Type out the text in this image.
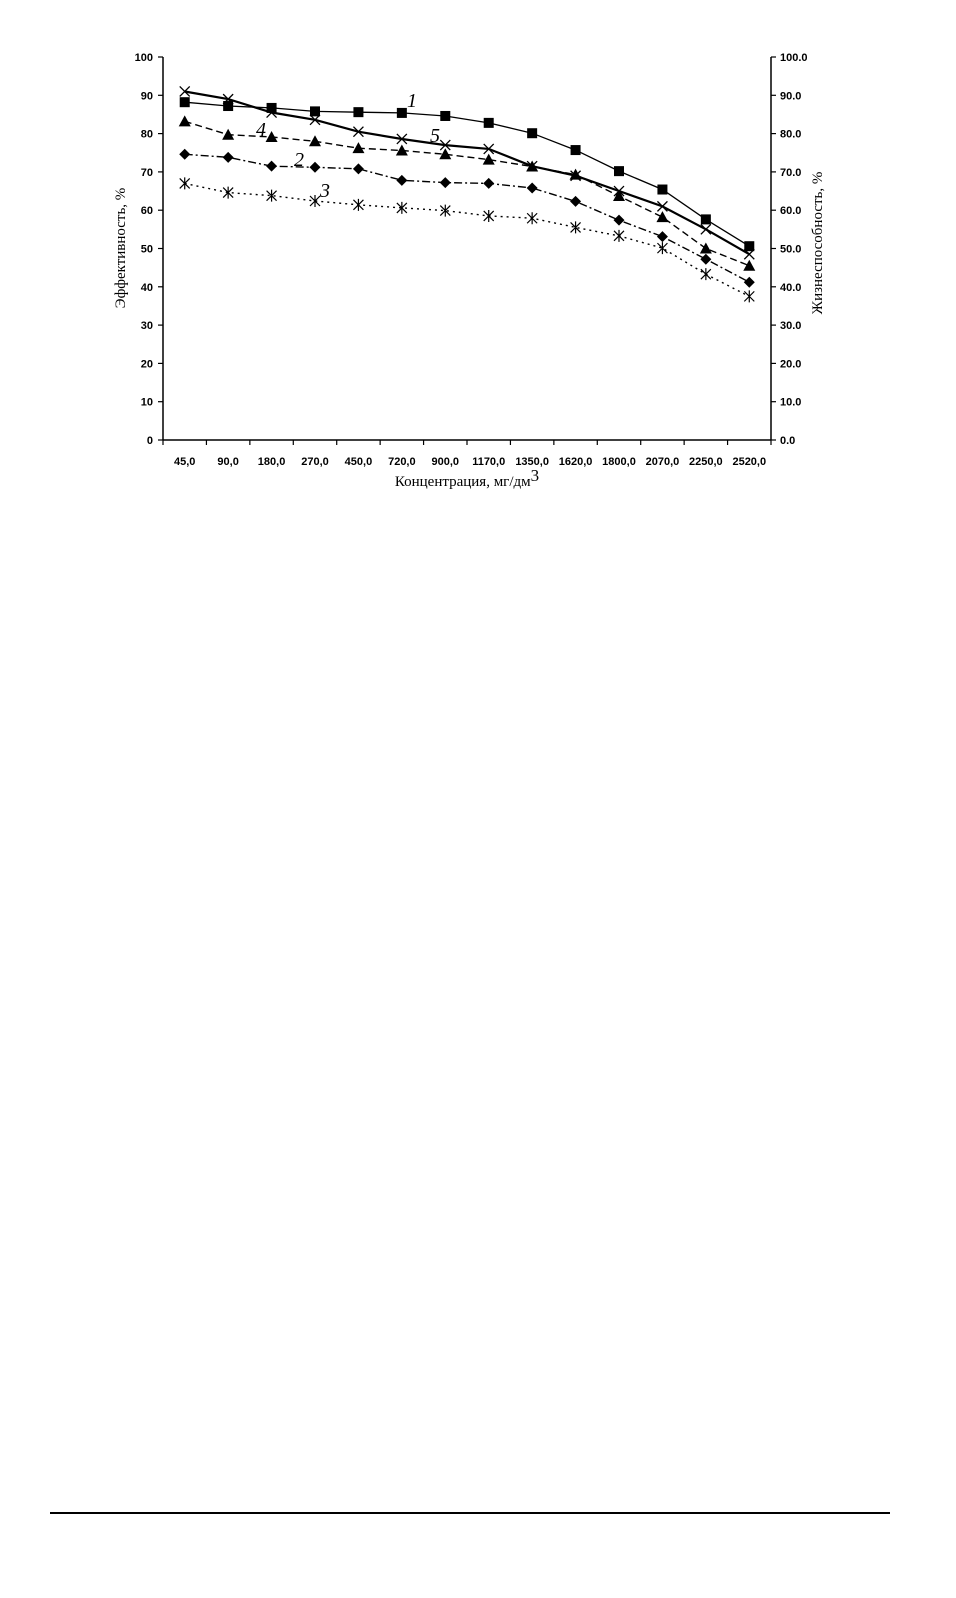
0	0.0
10	10.0
20	20.0
30	30.0
40	40.0
50	50.0
60	60.0
70	70.0
80	80.0
90	90.0
100	100.0
45,0 90,0 180,0 270,0 450,0 720,0 900,0 1170,0 1350,0 1620,0 1800,0 2070,0 2250,0 2520,0
1
2
3
4	5
Концентрация, мг/дм3
Эффективность, %	Жизнеспособность, %
